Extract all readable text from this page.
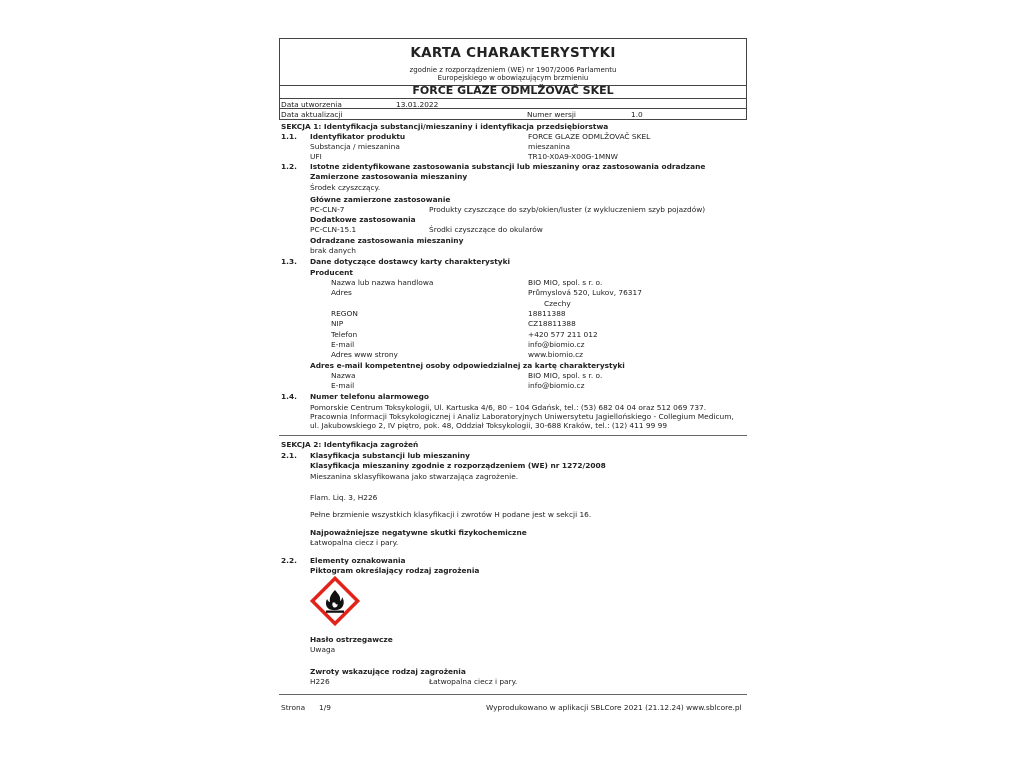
KARTA CHARAKTERYSTYKI
zgodnie z rozporządzeniem (WE) nr 1907/2006 Parlamentu
Europejskiego w obowiązującym brzmieniu
FORCE GLAZE ODMLŽOVAČ SKEL
Data utworzenia	13.01.2022
Data aktualizacji	Numer wersji	1.0
SEKCJA 1: Identyfikacja substancji/mieszaniny i identyfikacja przedsiębiorstwa
1.1. Identyfikator produktu	FORCE GLAZE ODMLŽOVAČ SKEL
Substancja / mieszanina	mieszanina
UFI	TR10-X0A9-X00G-1MNW
1.2. Istotne zidentyfikowane zastosowania substancji lub mieszaniny oraz zastosowania odradzane
Zamierzone zastosowania mieszaniny
Środek czyszczący.
Główne zamierzone zastosowanie
PC-CLN-7	Produkty czyszczące do szyb/okien/luster (z wykluczeniem szyb pojazdów)
Dodatkowe zastosowania
PC-CLN-15.1	Środki czyszczące do okularów
Odradzane zastosowania mieszaniny
brak danych
1.3. Dane dotyczące dostawcy karty charakterystyki
Producent
Nazwa lub nazwa handlowa	BIO MIO, spol. s r. o.
Adres	Průmyslová 520, Lukov, 76317
Czechy
REGON	18811388
NIP	CZ18811388
Telefon	+420 577 211 012
E-mail	info@biomio.cz
Adres www strony	www.biomio.cz
Adres e-mail kompetentnej osoby odpowiedzialnej za kartę charakterystyki
Nazwa	BIO MIO, spol. s r. o.
E-mail	info@biomio.cz
1.4. Numer telefonu alarmowego
Pomorskie Centrum Toksykologii, Ul. Kartuska 4/6, 80 – 104 Gdańsk, tel.: (53) 682 04 04 oraz 512 069 737.
Pracownia Informacji Toksykologicznej i Analiz Laboratoryjnych Uniwersytetu Jagiellońskiego - Collegium Medicum,
ul. Jakubowskiego 2, IV piętro, pok. 48, Oddział Toksykologii, 30-688 Kraków, tel.: (12) 411 99 99
SEKCJA 2: Identyfikacja zagrożeń
2.1. Klasyfikacja substancji lub mieszaniny
Klasyfikacja mieszaniny zgodnie z rozporządzeniem (WE) nr 1272/2008
Mieszanina sklasyfikowana jako stwarzająca zagrożenie.
Flam. Liq. 3, H226
Pełne brzmienie wszystkich klasyfikacji i zwrotów H podane jest w sekcji 16.
Najpoważniejsze negatywne skutki fizykochemiczne
Łatwopalna ciecz i pary.
2.2. Elementy oznakowania
Piktogram określający rodzaj zagrożenia
Hasło ostrzegawcze
Uwaga
Zwroty wskazujące rodzaj zagrożenia
H226	Łatwopalna ciecz i pary.
Strona 1/9	Wyprodukowano w aplikacji SBLCore 2021 (21.12.24) www.sblcore.pl
